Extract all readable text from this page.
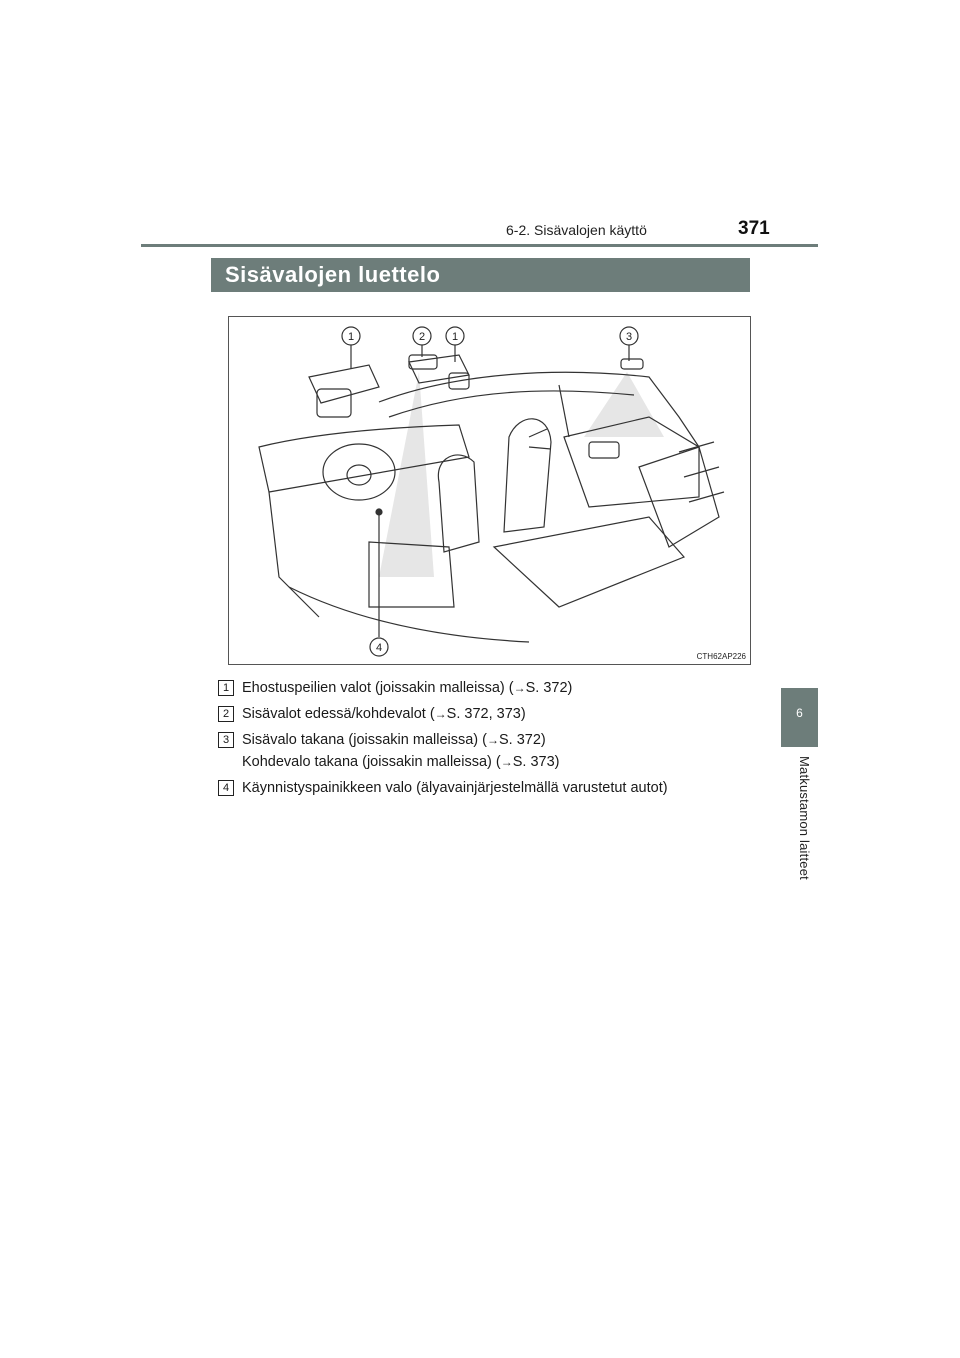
6-2. Sisävalojen käyttö	371
6
Matkustamon laitteet
Sisävalojen luettelo
1	2 1	3
4
CTH62AP226
1 Ehostuspeilien valot (joissakin malleissa) (→S. 372)
2 Sisävalot edessä/kohdevalot (→S. 372, 373)
3 Sisävalo takana (joissakin malleissa) (→S. 372)
Kohdevalo takana (joissakin malleissa) (→S. 373)
4 Käynnistyspainikkeen valo (älyavainjärjestelmällä varustetut autot)
